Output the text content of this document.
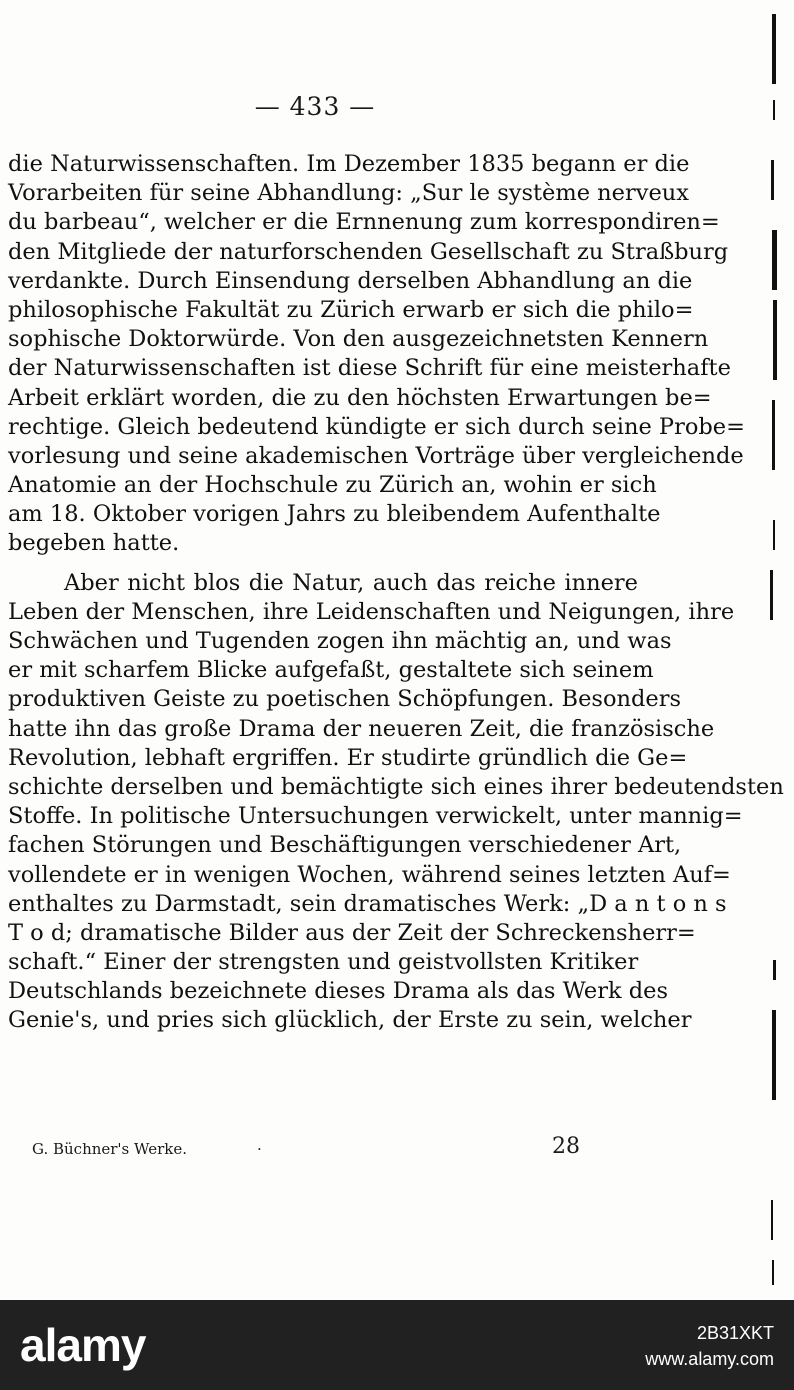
— 433 —
die Naturwissenschaften. Im Dezember 1835 begann er die
Vorarbeiten für seine Abhandlung: „Sur le système nerveux
du barbeau“, welcher er die Ernnenung zum korrespondiren=
den Mitgliede der naturforschenden Gesellschaft zu Straßburg
verdankte. Durch Einsendung derselben Abhandlung an die
philosophische Fakultät zu Zürich erwarb er sich die philo=
sophische Doktorwürde. Von den ausgezeichnetsten Kennern
der Naturwissenschaften ist diese Schrift für eine meisterhafte
Arbeit erklärt worden, die zu den höchsten Erwartungen be=
rechtige. Gleich bedeutend kündigte er sich durch seine Probe=
vorlesung und seine akademischen Vorträge über vergleichende
Anatomie an der Hochschule zu Zürich an, wohin er sich
am 18. Oktober vorigen Jahrs zu bleibendem Aufenthalte
begeben hatte.
Aber nicht blos die Natur, auch das reiche innere
Leben der Menschen, ihre Leidenschaften und Neigungen, ihre
Schwächen und Tugenden zogen ihn mächtig an, und was
er mit scharfem Blicke aufgefaßt, gestaltete sich seinem
produktiven Geiste zu poetischen Schöpfungen. Besonders
hatte ihn das große Drama der neueren Zeit, die französische
Revolution, lebhaft ergriffen. Er studirte gründlich die Ge=
schichte derselben und bemächtigte sich eines ihrer bedeutendsten
Stoffe. In politische Untersuchungen verwickelt, unter mannig=
fachen Störungen und Beschäftigungen verschiedener Art,
vollendete er in wenigen Wochen, während seines letzten Auf=
enthaltes zu Darmstadt, sein dramatisches Werk: „D a n t o n s
T o d; dramatische Bilder aus der Zeit der Schreckensherr=
schaft.“ Einer der strengsten und geistvollsten Kritiker
Deutschlands bezeichnete dieses Drama als das Werk des
Genie's, und pries sich glücklich, der Erste zu sein, welcher
G. Büchner's Werke.	·	28
alamy	2B31XKT
www.alamy.com
